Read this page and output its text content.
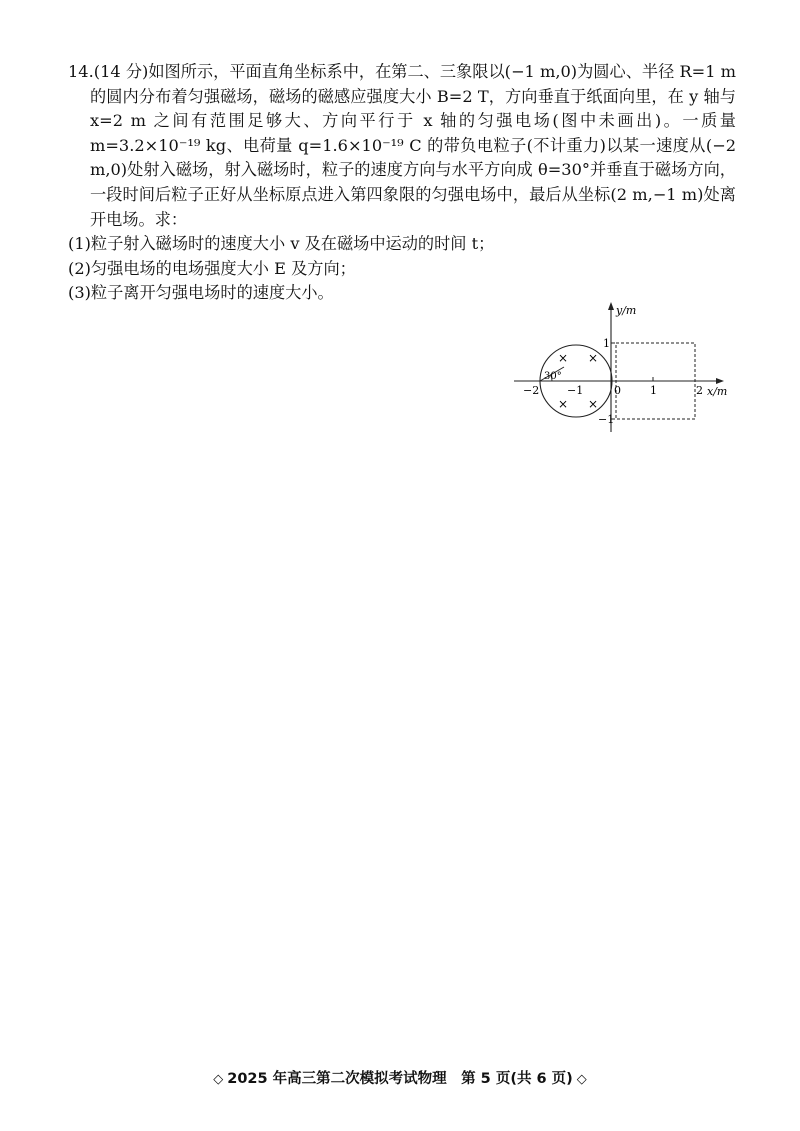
14.(14 分)如图所示，平面直角坐标系中，在第二、三象限以(−1 m,0)为圆心、半径 R=1 m 的圆内分布着匀强磁场，磁场的磁感应强度大小 B=2 T，方向垂直于纸面向里，在 y 轴与 x=2 m 之间有范围足够大、方向平行于 x 轴的匀强电场(图中未画出)。一质量 m=3.2×10⁻¹⁹ kg、电荷量 q=1.6×10⁻¹⁹ C 的带负电粒子(不计重力)以某一速度从(−2 m,0)处射入磁场，射入磁场时，粒子的速度方向与水平方向成 θ=30°并垂直于磁场方向，一段时间后粒子正好从坐标原点进入第四象限的匀强电场中，最后从坐标(2 m,−1 m)处离开电场。求：

(1)粒子射入磁场时的速度大小 v 及在磁场中运动的时间 t；

(2)匀强电场的电场强度大小 E 及方向；

(3)粒子离开匀强电场时的速度大小。

× ×
× ×
y/m
x/m
0
−2	−1	1	2
1
−1
30°
◇ 2025 年高三第二次模拟考试物理　第 5 页(共 6 页) ◇
